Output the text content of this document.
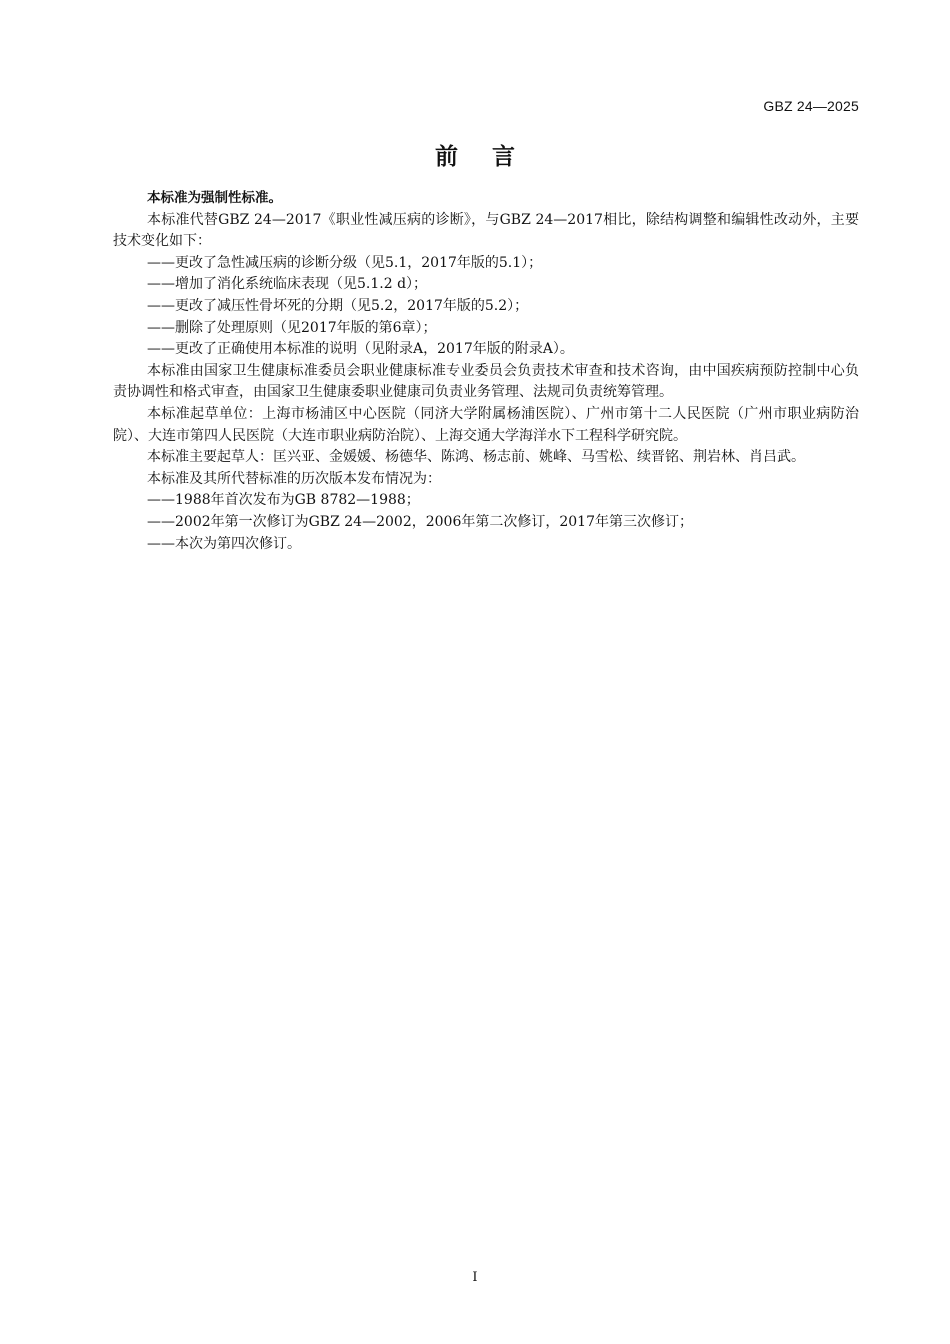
GBZ 24—2025
前言

本标准为强制性标准。

本标准代替GBZ 24—2017《职业性减压病的诊断》，与GBZ 24—2017相比，除结构调整和编辑性改动外，主要技术变化如下：

——更改了急性减压病的诊断分级（见5.1，2017年版的5.1）；

——增加了消化系统临床表现（见5.1.2 d）；

——更改了减压性骨坏死的分期（见5.2，2017年版的5.2）；

——删除了处理原则（见2017年版的第6章）；

——更改了正确使用本标准的说明（见附录A，2017年版的附录A）。

本标准由国家卫生健康标准委员会职业健康标准专业委员会负责技术审查和技术咨询，由中国疾病预防控制中心负责协调性和格式审查，由国家卫生健康委职业健康司负责业务管理、法规司负责统筹管理。

本标准起草单位：上海市杨浦区中心医院（同济大学附属杨浦医院）、广州市第十二人民医院（广州市职业病防治院）、大连市第四人民医院（大连市职业病防治院）、上海交通大学海洋水下工程科学研究院。

本标准主要起草人：匡兴亚、金媛媛、杨德华、陈鸿、杨志前、姚峰、马雪松、续晋铭、荆岩林、肖吕武。

本标准及其所代替标准的历次版本发布情况为：

——1988年首次发布为GB 8782—1988；

——2002年第一次修订为GBZ 24—2002，2006年第二次修订，2017年第三次修订；

——本次为第四次修订。

I
